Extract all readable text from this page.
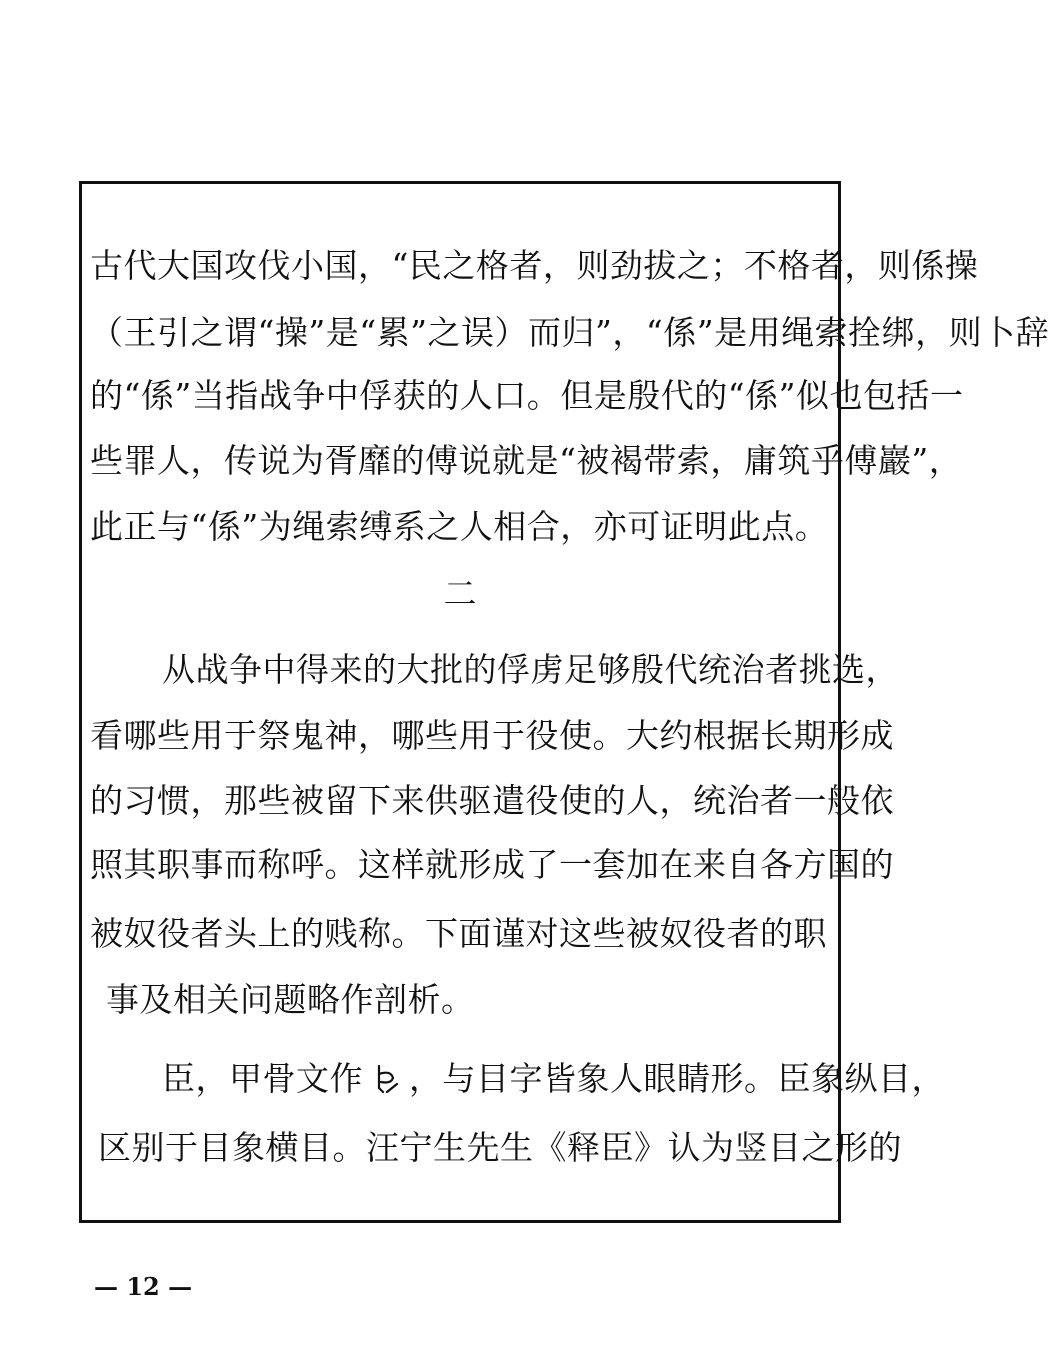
古代大国攻伐小国，“民之格者，则劲拔之；不格者，则係操
（王引之谓“操”是“累”之误）而归”，“係”是用绳索拴绑，则卜辞
的“係”当指战争中俘获的人口。但是殷代的“係”似也包括一
些罪人，传说为胥靡的傅说就是“被褐带索，庸筑乎傅巖”，
此正与“係”为绳索缚系之人相合，亦可证明此点。
二
从战争中得来的大批的俘虏足够殷代统治者挑选，
看哪些用于祭鬼神，哪些用于役使。大约根据长期形成
的习惯，那些被留下来供驱遣役使的人，统治者一般依
照其职事而称呼。这样就形成了一套加在来自各方国的
被奴役者头上的贱称。下面谨对这些被奴役者的职
事及相关问题略作剖析。
臣，甲骨文作 ，与目字皆象人眼睛形。臣象纵目，
区别于目象横目。汪宁生先生《释臣》认为竖目之形的
— 12 —
